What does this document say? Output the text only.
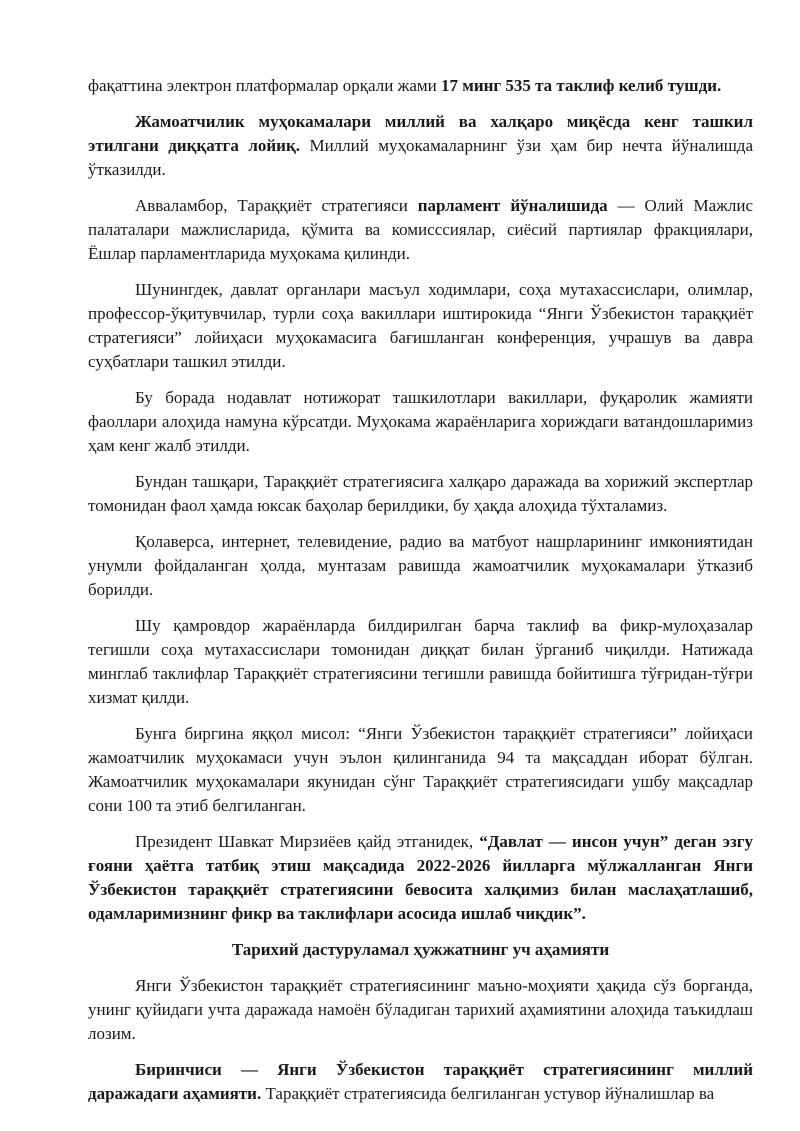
фақаттина электрон платформалар орқали жами 17 минг 535 та таклиф келиб тушди.

Жамоатчилик муҳокамалари миллий ва халқаро миқёсда кенг ташкил этилгани диққатга лойиқ. Миллий муҳокамаларнинг ўзи ҳам бир нечта йўналишда ўтказилди.

Авваламбор, Тараққиёт стратегияси парламент йўналишида — Олий Мажлис палаталари мажлисларида, қўмита ва комисссиялар, сиёсий партиялар фракциялари, Ёшлар парламентларида муҳокама қилинди.

Шунингдек, давлат органлари масъул ходимлари, соҳа мутахассислари, олимлар, профессор-ўқитувчилар, турли соҳа вакиллари иштирокида “Янги Ўзбекистон тараққиёт стратегияси” лойиҳаси муҳокамасига бағишланган конференция, учрашув ва давра суҳбатлари ташкил этилди.

Бу борада нодавлат нотижорат ташкилотлари вакиллари, фуқаролик жамияти фаоллари алоҳида намуна кўрсатди. Муҳокама жараёнларига хориждаги ватандошларимиз ҳам кенг жалб этилди.

Бундан ташқари, Тараққиёт стратегиясига халқаро даражада ва хорижий экспертлар томонидан фаол ҳамда юксак баҳолар берилдики, бу ҳақда алоҳида тўхталамиз.

Қолаверса, интернет, телевидение, радио ва матбуот нашрларининг имкониятидан унумли фойдаланган ҳолда, мунтазам равишда жамоатчилик муҳокамалари ўтказиб борилди.

Шу қамровдор жараёнларда билдирилган барча таклиф ва фикр-мулоҳазалар тегишли соҳа мутахассислари томонидан диққат билан ўрганиб чиқилди. Натижада минглаб таклифлар Тараққиёт стратегиясини тегишли равишда бойитишга тўғридан-тўғри хизмат қилди.

Бунга биргина яққол мисол: “Янги Ўзбекистон тараққиёт стратегияси” лойиҳаси жамоатчилик муҳокамаси учун эълон қилинганида 94 та мақсаддан иборат бўлган. Жамоатчилик муҳокамалари якунидан сўнг Тараққиёт стратегиясидаги ушбу мақсадлар сони 100 та этиб белгиланган.

Президент Шавкат Мирзиёев қайд этганидек, “Давлат — инсон учун” деган эзгу ғояни ҳаётга татбиқ этиш мақсадида 2022-2026 йилларга мўлжалланган Янги Ўзбекистон тараққиёт стратегиясини бевосита халқимиз билан маслаҳатлашиб, одамларимизнинг фикр ва таклифлари асосида ишлаб чиқдик”.

Тарихий дастуруламал ҳужжатнинг уч аҳамияти

Янги Ўзбекистон тараққиёт стратегиясининг маъно-моҳияти ҳақида сўз борганда, унинг қуйидаги учта даражада намоён бўладиган тарихий аҳамиятини алоҳида таъкидлаш лозим.

Биринчиси — Янги Ўзбекистон тараққиёт стратегиясининг миллий даражадаги аҳамияти. Тараққиёт стратегиясида белгиланган устувор йўналишлар ва
